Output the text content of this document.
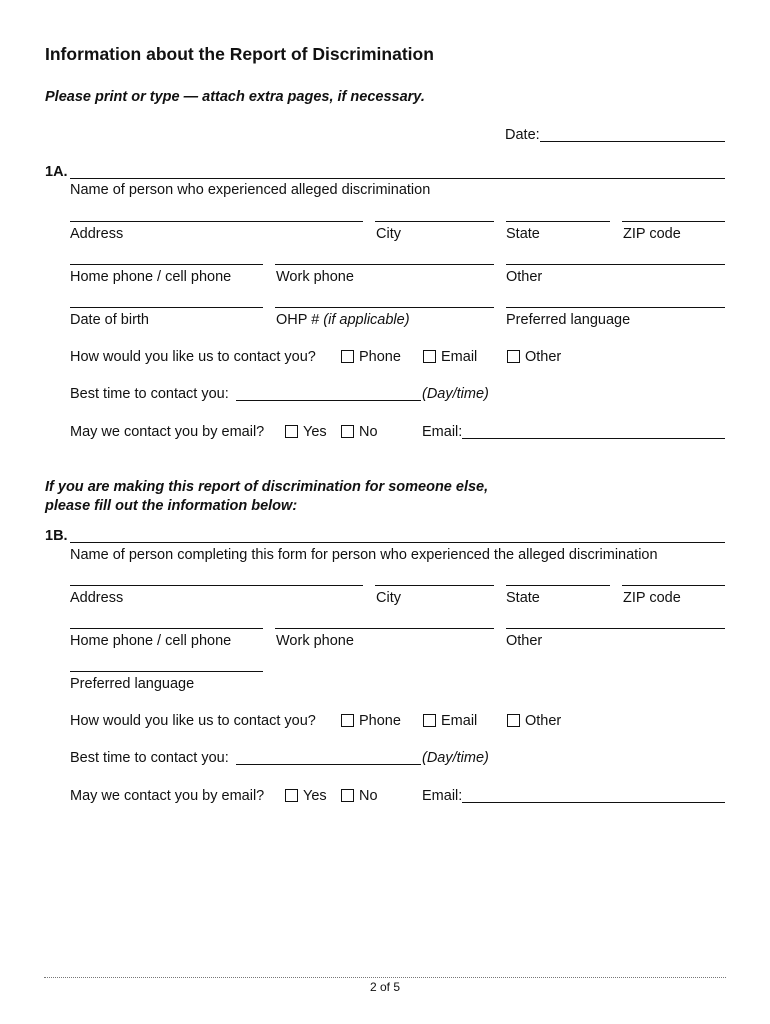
Information about the Report of Discrimination
Please print or type — attach extra pages, if necessary.
Date:
1A.
Name of person who experienced alleged discrimination
Address	City	State	ZIP code
Home phone / cell phone	Work phone	Other
Date of birth	OHP # (if applicable)	Preferred language
How would you like us to contact you?	Phone	Email	Other
Best time to contact you:	(Day/time)
May we contact you by email?	Yes No	Email:
If you are making this report of discrimination for someone else,
please fill out the information below:
1B.
Name of person completing this form for person who experienced the alleged discrimination
Address	City	State	ZIP code
Home phone / cell phone	Work phone	Other
Preferred language
How would you like us to contact you?	Phone	Email	Other
Best time to contact you:	(Day/time)
May we contact you by email?	Yes No	Email:
2 of 5
